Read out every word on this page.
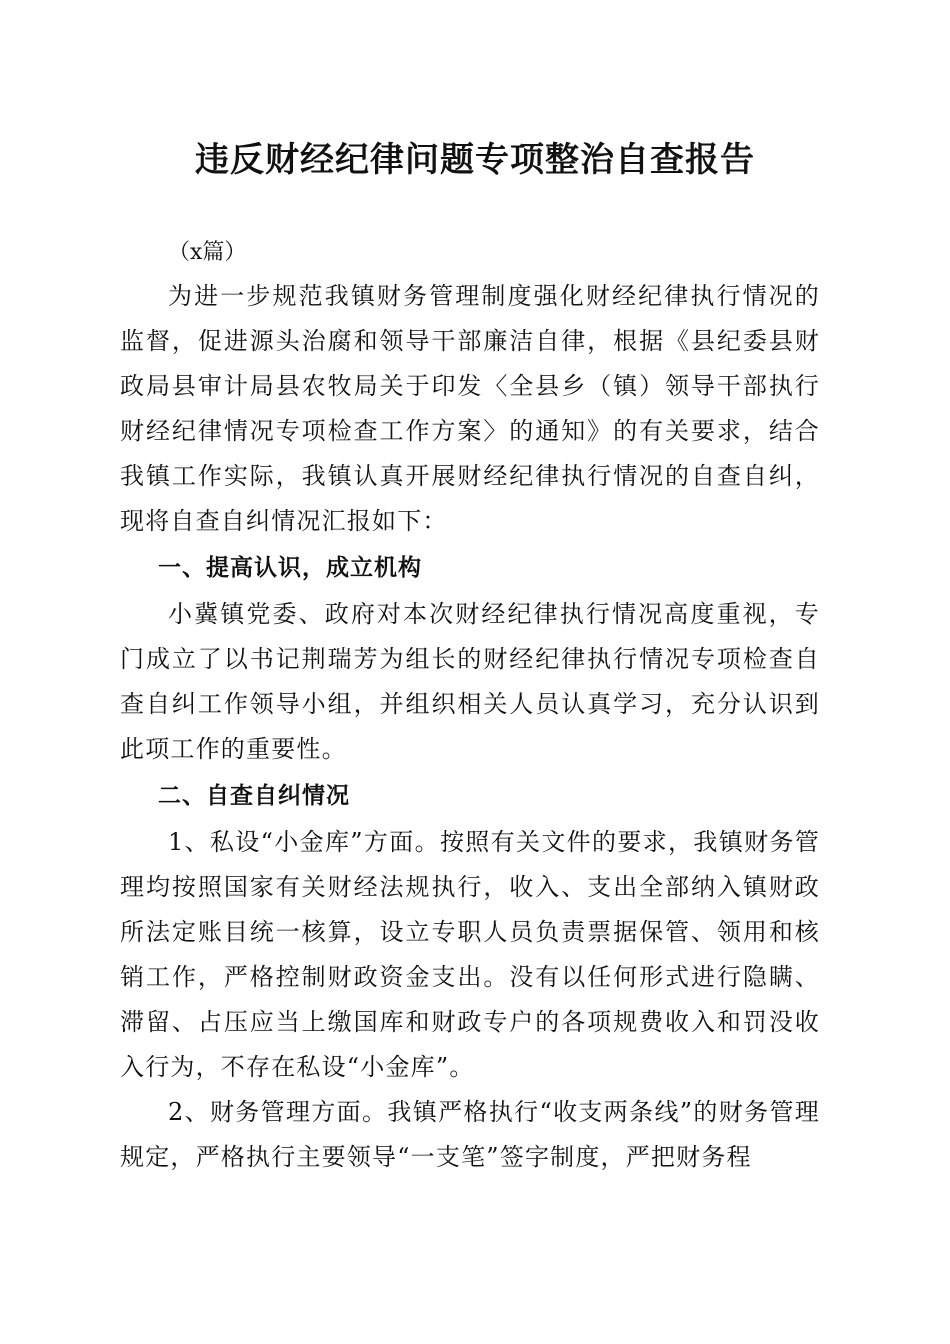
违反财经纪律问题专项整治自查报告

（x篇）

为进一步规范我镇财务管理制度强化财经纪律执行情况的监督，促进源头治腐和领导干部廉洁自律，根据《县纪委县财政局县审计局县农牧局关于印发〈全县乡（镇）领导干部执行财经纪律情况专项检查工作方案〉的通知》的有关要求，结合我镇工作实际，我镇认真开展财经纪律执行情况的自查自纠，现将自查自纠情况汇报如下：

一、提高认识，成立机构

小冀镇党委、政府对本次财经纪律执行情况高度重视，专门成立了以书记荆瑞芳为组长的财经纪律执行情况专项检查自查自纠工作领导小组，并组织相关人员认真学习，充分认识到此项工作的重要性。

二、自查自纠情况

1、私设“小金库”方面。按照有关文件的要求，我镇财务管理均按照国家有关财经法规执行，收入、支出全部纳入镇财政所法定账目统一核算，设立专职人员负责票据保管、领用和核销工作，严格控制财政资金支出。没有以任何形式进行隐瞒、滞留、占压应当上缴国库和财政专户的各项规费收入和罚没收入行为，不存在私设“小金库”。

2、财务管理方面。我镇严格执行“收支两条线”的财务管理规定，严格执行主要领导“一支笔”签字制度，严把财务程
